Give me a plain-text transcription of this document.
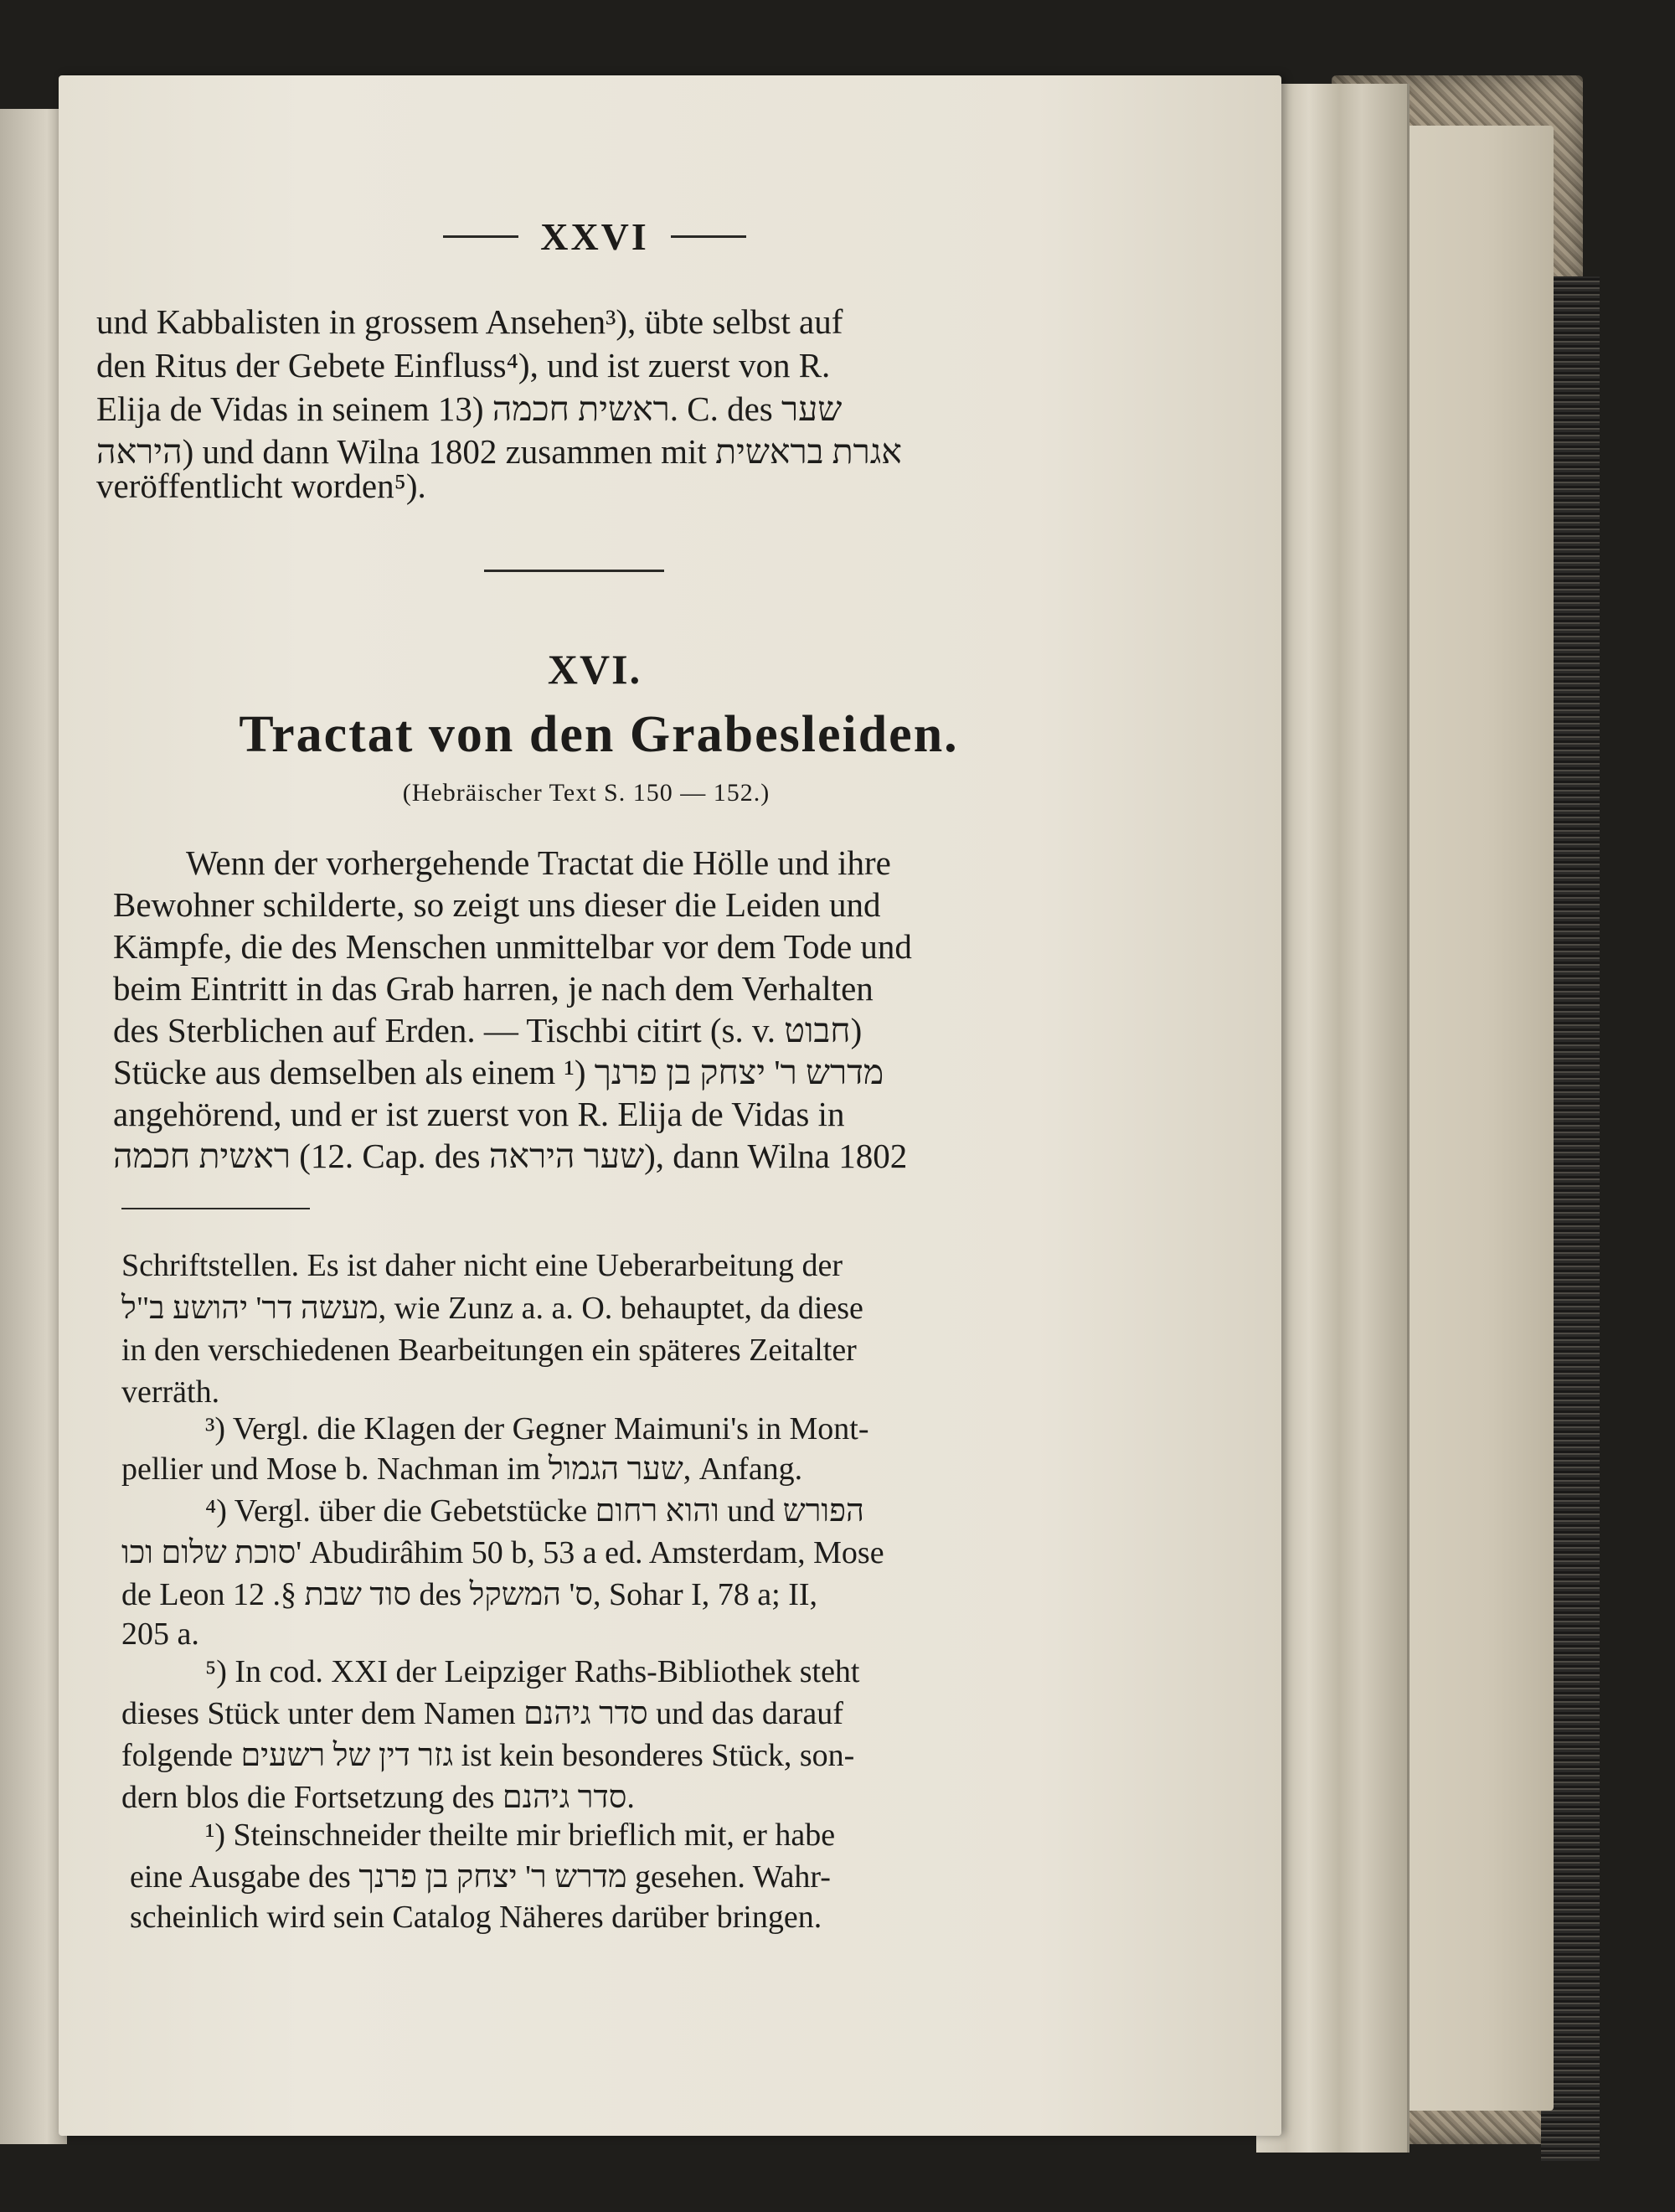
XXVI

und Kabbalisten in grossem Ansehen³), übte selbst auf

den Ritus der Gebete Einfluss⁴), und ist zuerst von R.

Elija de Vidas in seinem ראשית חכמה (13. C. des שער

היראה) und dann Wilna 1802 zusammen mit אגרת בראשית

veröffentlicht worden⁵).

XVI.

Tractat von den Grabesleiden.

(Hebräischer Text S. 150 — 152.)

Wenn der vorhergehende Tractat die Hölle und ihre

Bewohner schilderte, so zeigt uns dieser die Leiden und

Kämpfe, die des Menschen unmittelbar vor dem Tode und

beim Eintritt in das Grab harren, je nach dem Verhalten

des Sterblichen auf Erden. — Tischbi citirt (s. v. חבוט)

Stücke aus demselben als einem ¹) מדרש ר' יצחק בן פרנך

angehörend, und er ist zuerst von R. Elija de Vidas in

ראשית חכמה (12. Cap. des שער היראה), dann Wilna 1802

Schriftstellen. Es ist daher nicht eine Ueberarbeitung der

מעשה דר' יהושע ב"ל, wie Zunz a. a. O. behauptet, da diese

in den verschiedenen Bearbeitungen ein späteres Zeitalter

verräth.

³) Vergl. die Klagen der Gegner Maimuni's in Mont-

pellier und Mose b. Nachman im שער הגמול, Anfang.

⁴) Vergl. über die Gebetstücke והוא רחום und הפורש

סוכת שלום וכו' Abudirâhim 50 b, 53 a ed. Amsterdam, Mose

de Leon סוד שבת §. 12 des ס' המשקל, Sohar I, 78 a; II,

205 a.

⁵) In cod. XXI der Leipziger Raths-Bibliothek steht

dieses Stück unter dem Namen סדר גיהנם und das darauf

folgende גזר דין של רשעים ist kein besonderes Stück, son-

dern blos die Fortsetzung des סדר גיהנם.

¹) Steinschneider theilte mir brieflich mit, er habe

eine Ausgabe des מדרש ר' יצחק בן פרנך gesehen. Wahr-

scheinlich wird sein Catalog Näheres darüber bringen.
